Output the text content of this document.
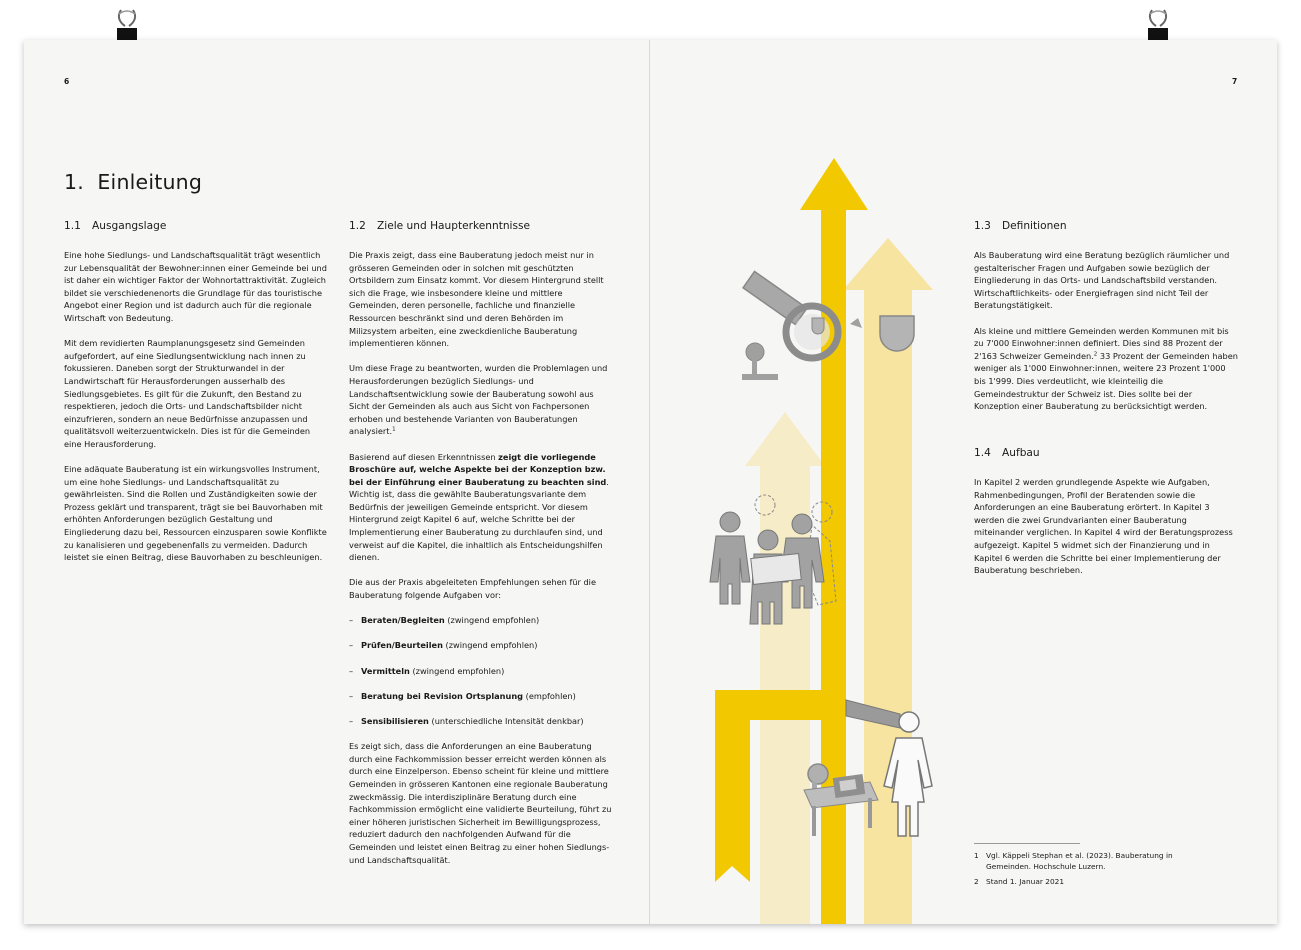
6	7
1.  Einleitung
1.1 Ausgangslage

Eine hohe Siedlungs- und Landschaftsqualität trägt wesentlich zur Lebensqualität der Bewohner:innen einer Gemeinde bei und ist daher ein wichtiger Faktor der Wohnortattraktivität. Zugleich bildet sie verschiedenenorts die Grundlage für das touristische Angebot einer Region und ist dadurch auch für die regionale Wirtschaft von Bedeutung.

Mit dem revidierten Raumplanungsgesetz sind Gemeinden aufgefordert, auf eine Siedlungsentwicklung nach innen zu fokussieren. Daneben sorgt der Strukturwandel in der Landwirtschaft für Herausforderungen ausserhalb des Siedlungsgebietes. Es gilt für die Zukunft, den Bestand zu respektieren, jedoch die Orts- und Landschaftsbilder nicht einzufrieren, sondern an neue Bedürfnisse anzupassen und qualitätsvoll weiterzuentwickeln. Dies ist für die Gemeinden eine Herausforderung.

Eine adäquate Bauberatung ist ein wirkungsvolles Instrument, um eine hohe Siedlungs- und Landschaftsqualität zu gewährleisten. Sind die Rollen und Zuständigkeiten sowie der Prozess geklärt und transparent, trägt sie bei Bauvorhaben mit erhöhten Anforderungen bezüglich Gestaltung und Eingliederung dazu bei, Ressourcen einzusparen sowie Konflikte zu kanalisieren und gegebenenfalls zu vermeiden. Dadurch leistet sie einen Beitrag, diese Bauvorhaben zu beschleunigen.

1.2 Ziele und Haupterkenntnisse

Die Praxis zeigt, dass eine Bauberatung jedoch meist nur in grösseren Gemeinden oder in solchen mit geschützten Ortsbildern zum Einsatz kommt. Vor diesem Hintergrund stellt sich die Frage, wie insbesondere kleine und mittlere Gemeinden, deren personelle, fachliche und finanzielle Ressourcen beschränkt sind und deren Behörden im Milizsystem arbeiten, eine zweckdienliche Bauberatung implementieren können.

Um diese Frage zu beantworten, wurden die Problemlagen und Herausforderungen bezüglich Siedlungs- und Landschaftsentwicklung sowie der Bauberatung sowohl aus Sicht der Gemeinden als auch aus Sicht von Fachpersonen erhoben und bestehende Varianten von Bauberatungen analysiert.$^1$

Basierend auf diesen Erkenntnissen zeigt die vorliegende Broschüre auf, welche Aspekte bei der Konzeption bzw. bei der Einführung einer Bauberatung zu beachten sind. Wichtig ist, dass die gewählte Bauberatungsvariante dem Bedürfnis der jeweiligen Gemeinde entspricht. Vor diesem Hintergrund zeigt Kapitel 6 auf, welche Schritte bei der Implementierung einer Bauberatung zu durchlaufen sind, und verweist auf die Kapitel, die inhaltlich als Entscheidungshilfen dienen.

Die aus der Praxis abgeleiteten Empfehlungen sehen für die Bauberatung folgende Aufgaben vor:

– Beraten/Begleiten (zwingend empfohlen)
– Prüfen/Beurteilen (zwingend empfohlen)
– Vermitteln (zwingend empfohlen)
– Beratung bei Revision Ortsplanung (empfohlen)
– Sensibilisieren (unterschiedliche Intensität denkbar)

Es zeigt sich, dass die Anforderungen an eine Bauberatung durch eine Fachkommission besser erreicht werden können als durch eine Einzelperson. Ebenso scheint für kleine und mittlere Gemeinden in grösseren Kantonen eine regionale Bauberatung zweckmässig. Die interdisziplinäre Beratung durch eine Fachkommission ermöglicht eine validierte Beurteilung, führt zu einer höheren juristischen Sicherheit im Bewilligungsprozess, reduziert dadurch den nachfolgenden Aufwand für die Gemeinden und leistet einen Beitrag zu einer hohen Siedlungs- und Landschaftsqualität.

1.3 Definitionen

Als Bauberatung wird eine Beratung bezüglich räumlicher und gestalterischer Fragen und Aufgaben sowie bezüglich der Eingliederung in das Orts- und Landschaftsbild verstanden. Wirtschaftlichkeits- oder Energiefragen sind nicht Teil der Beratungstätigkeit.

Als kleine und mittlere Gemeinden werden Kommunen mit bis zu 7'000 Einwohner:innen definiert. Dies sind 88 Prozent der 2'163 Schweizer Gemeinden.$^2$ 33 Prozent der Gemeinden haben weniger als 1'000 Einwohner:innen, weitere 23 Prozent 1'000 bis 1'999. Dies verdeutlicht, wie kleinteilig die Gemeindestruktur der Schweiz ist. Dies sollte bei der Konzeption einer Bauberatung zu berücksichtigt werden.

1.4 Aufbau

In Kapitel 2 werden grundlegende Aspekte wie Aufgaben, Rahmenbedingungen, Profil der Beratenden sowie die Anforderungen an eine Bauberatung erörtert. In Kapitel 3 werden die zwei Grundvarianten einer Bauberatung miteinander verglichen. In Kapitel 4 wird der Beratungsprozess aufgezeigt. Kapitel 5 widmet sich der Finanzierung und in Kapitel 6 werden die Schritte bei einer Implementierung der Bauberatung beschrieben.

1 Vgl. Käppeli Stephan et al. (2023). Bauberatung in Gemeinden. Hochschule Luzern.
2 Stand 1. Januar 2021
